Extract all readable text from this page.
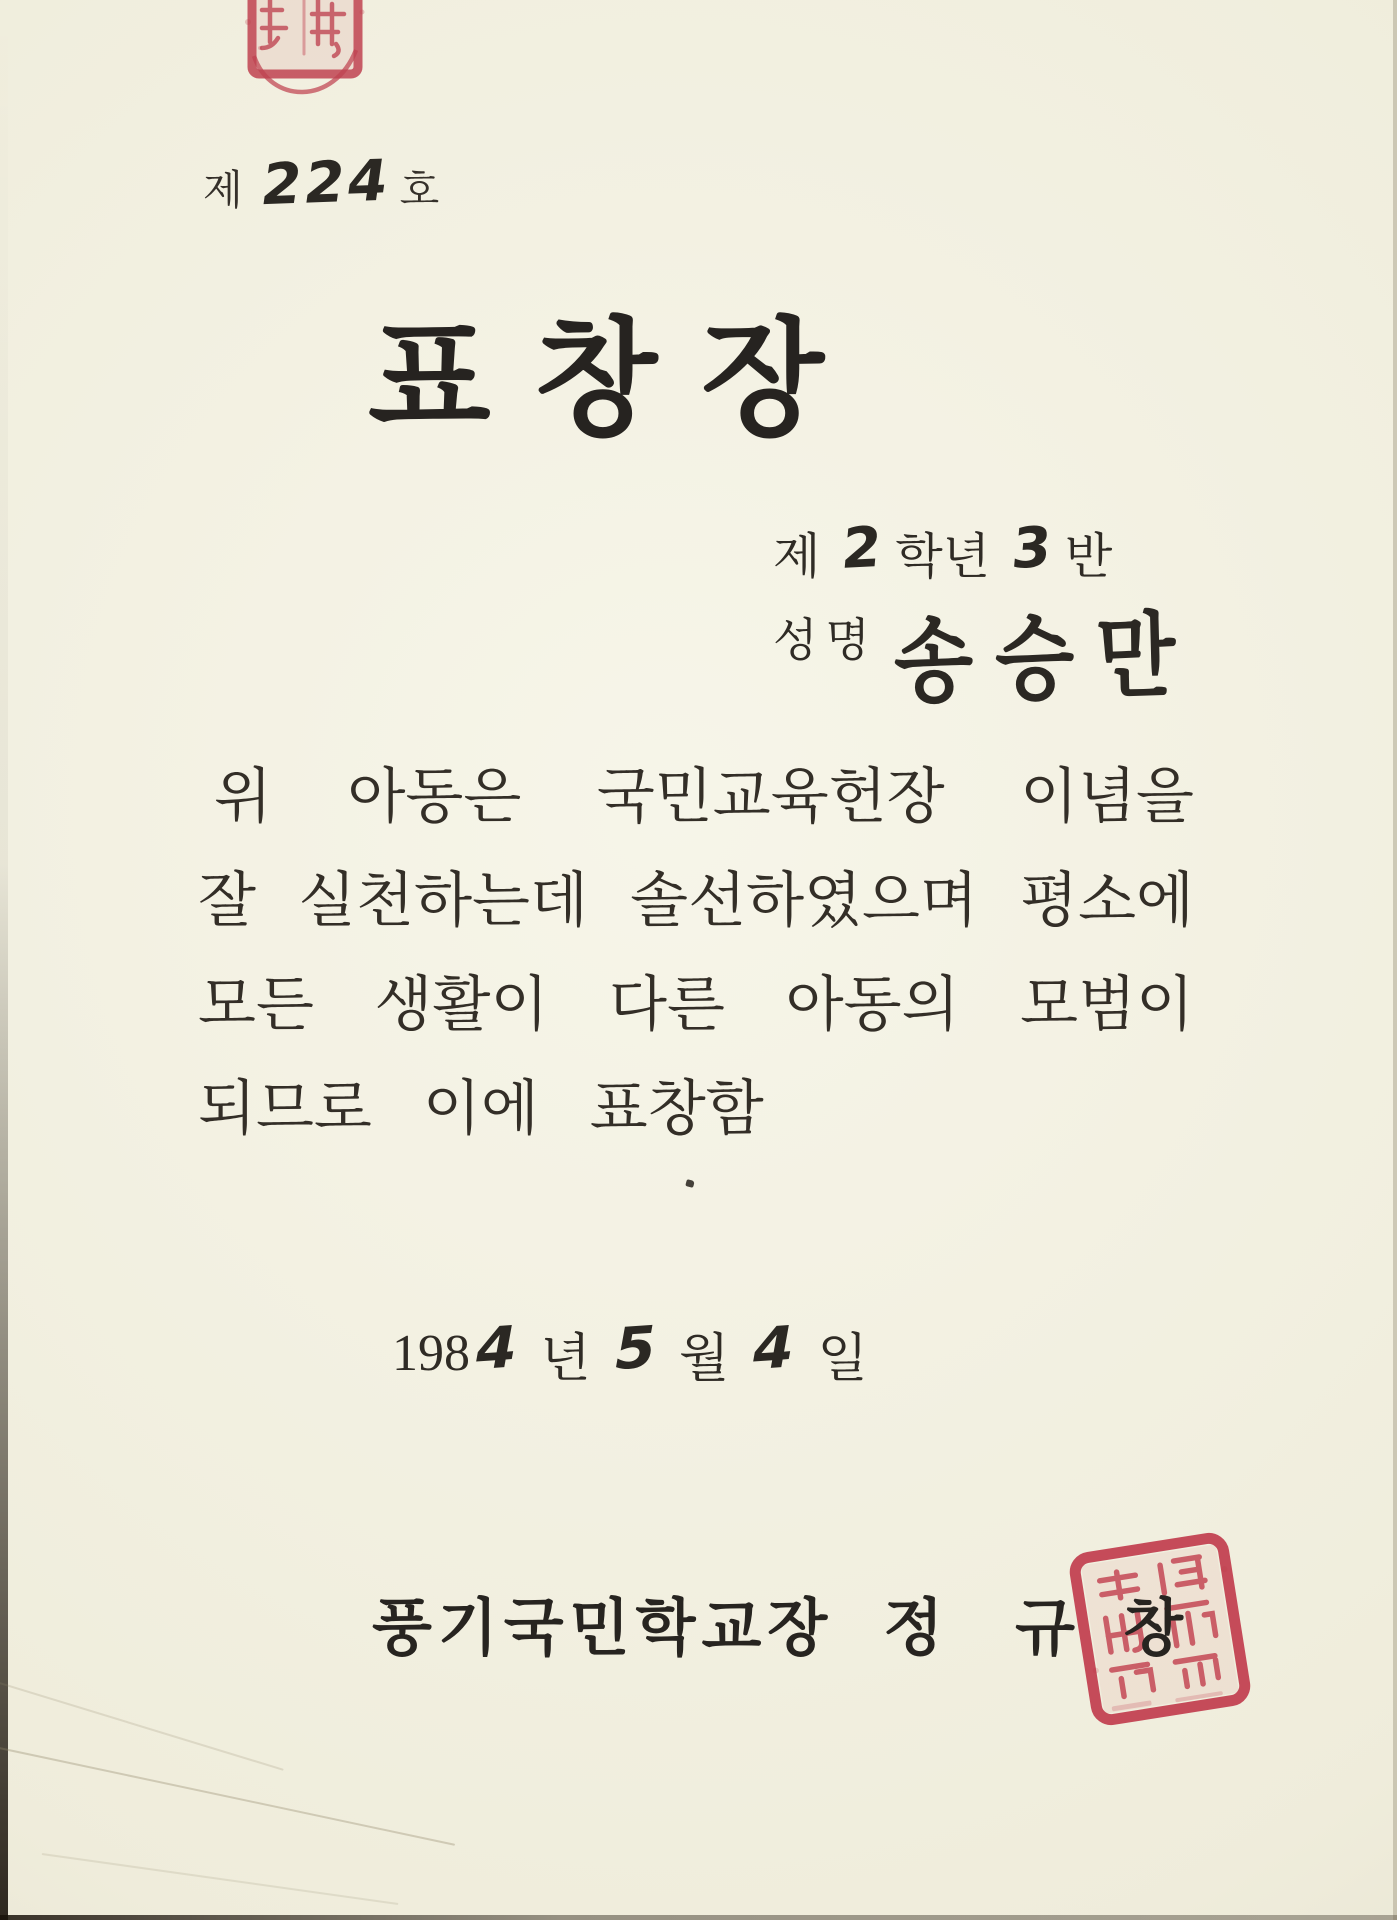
제 224 호
표창장
제 2 학년 3 반
성명 송승만

위 아동은 국민교육헌장 이념을

잘 실천하는데 솔선하였으며 평소에

모든 생활이 다른 아동의 모범이

되므로 이에 표창함

198 4 년 5 월 4 일
풍기국민학교장 정 규 창
